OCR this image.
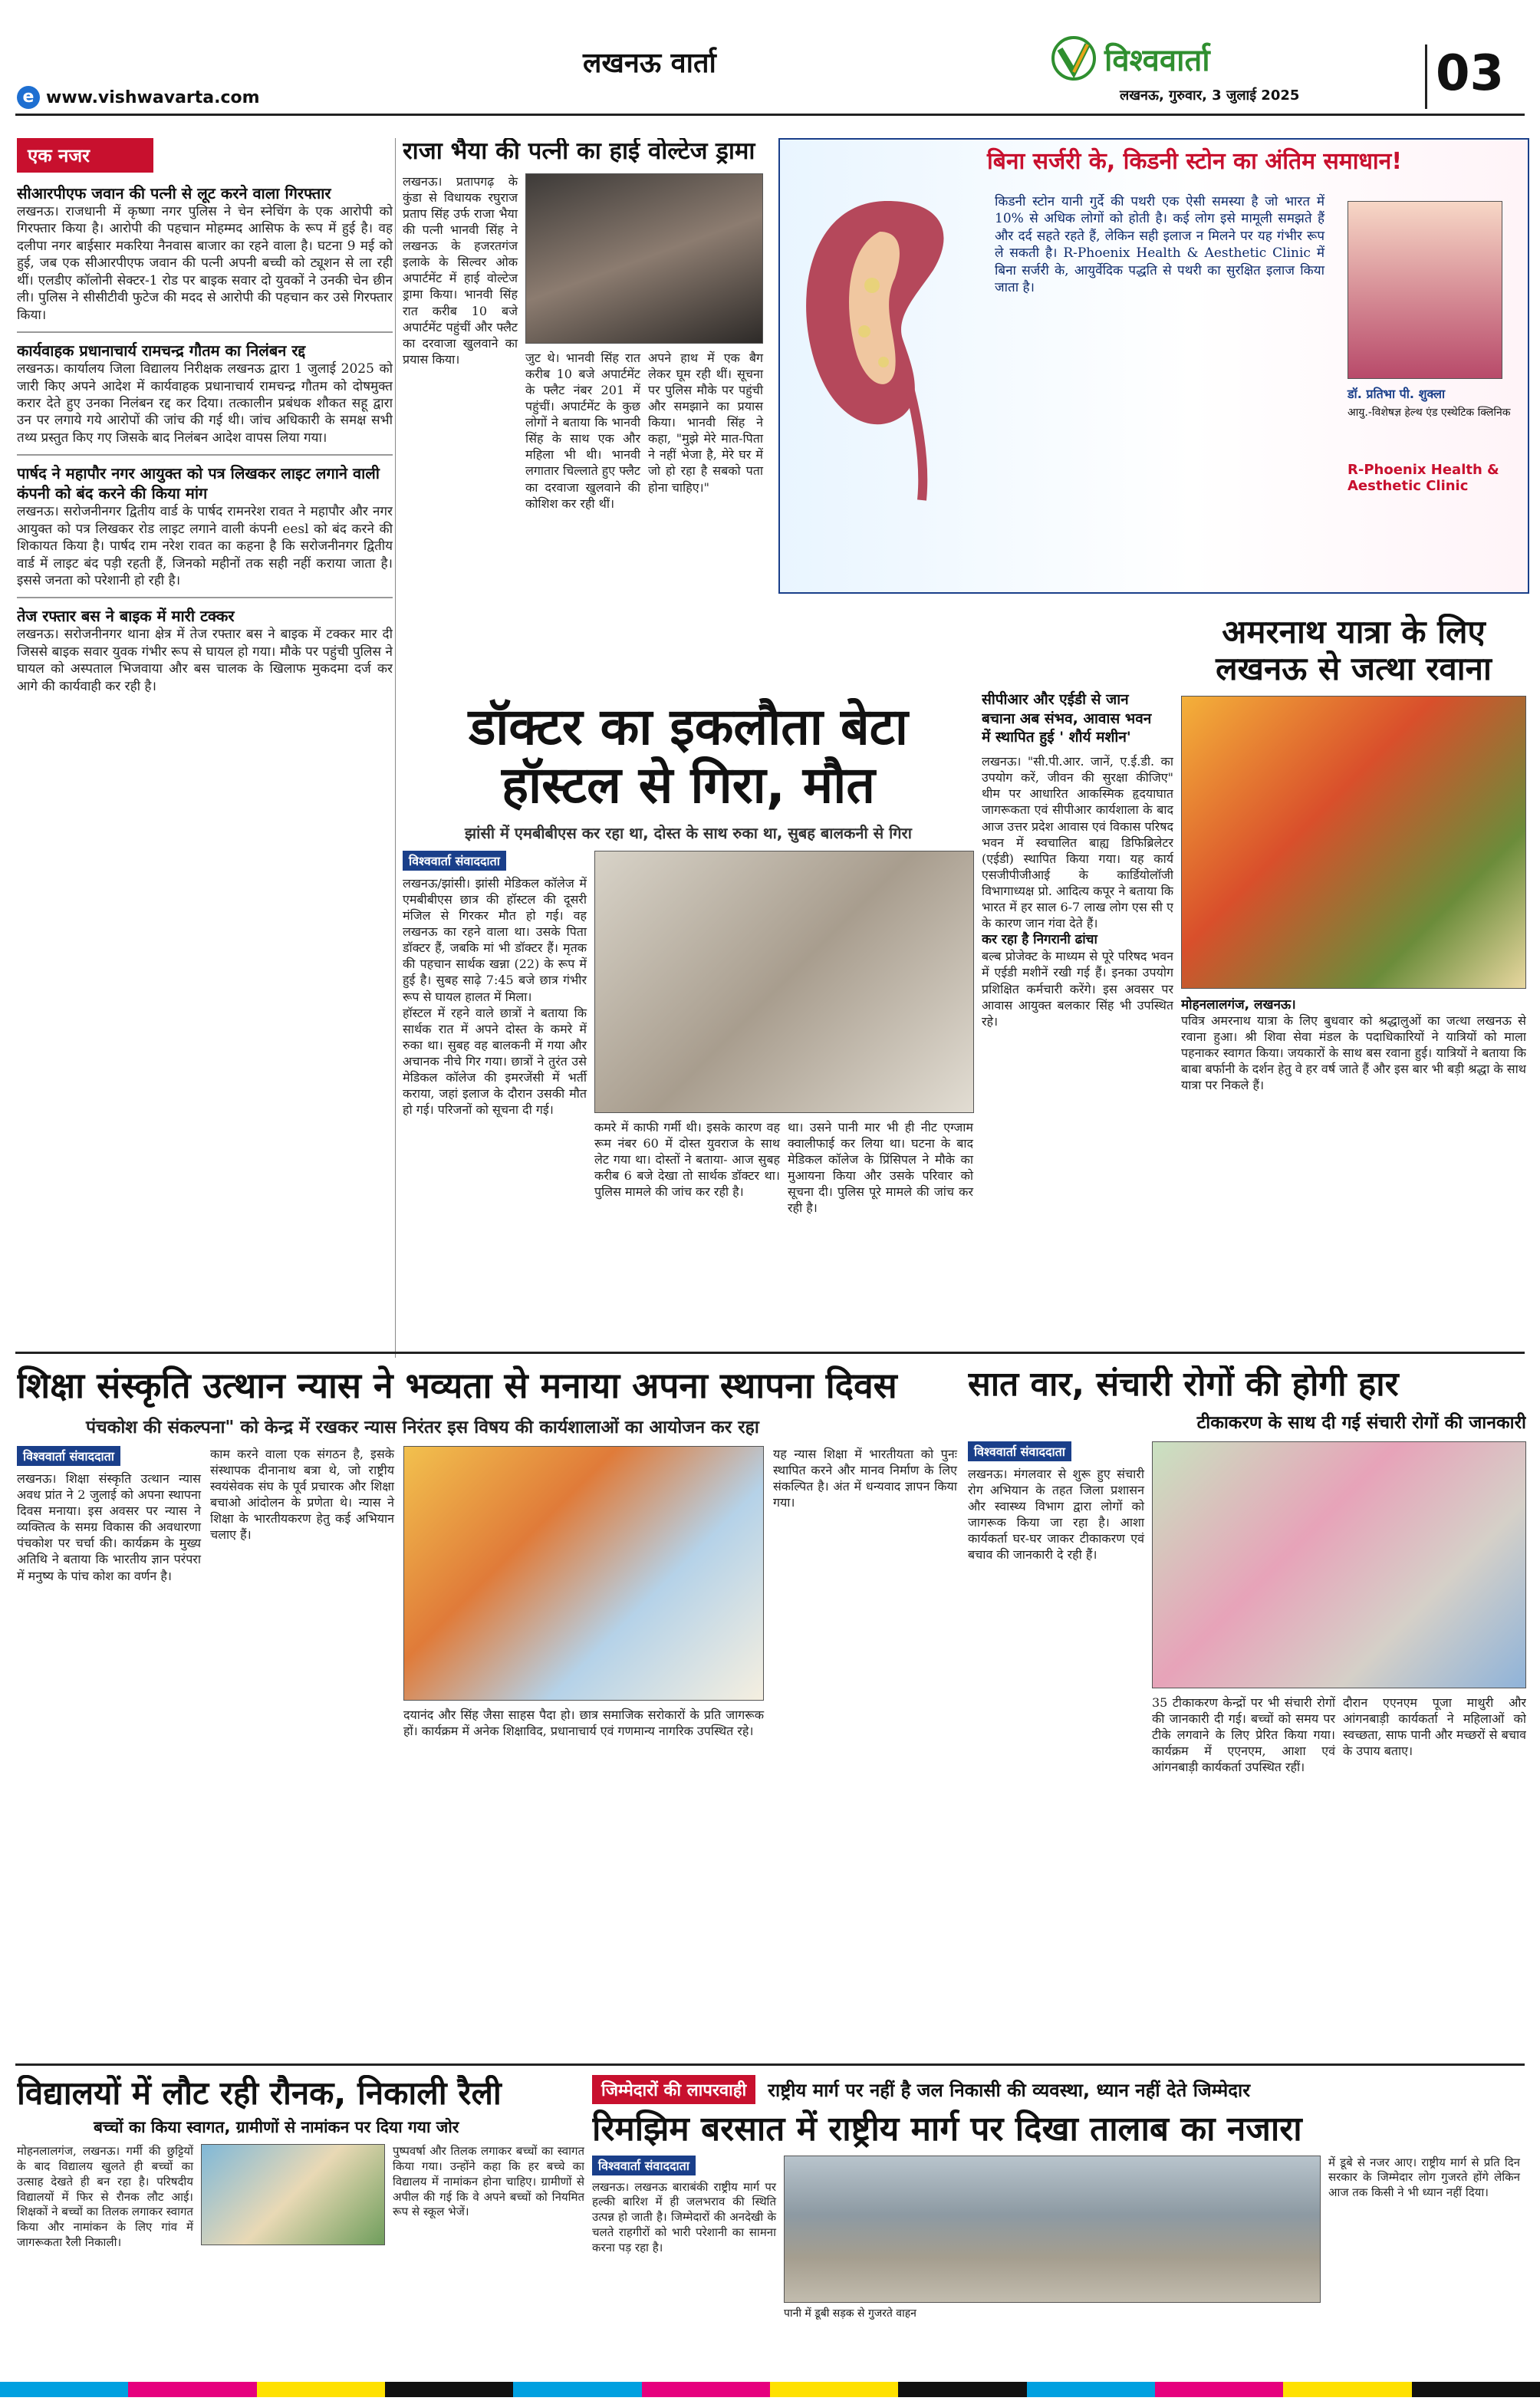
लखनऊ वार्ता
e www.vishwavarta.com
विश्ववार्ता
लखनऊ, गुरुवार, 3 जुलाई 2025	03
एक नजर
सीआरपीएफ जवान की पत्नी से लूट करने वाला गिरफ्तार

लखनऊ। राजधानी में कृष्णा नगर पुलिस ने चेन स्नेचिंग के एक आरोपी को गिरफ्तार किया है। आरोपी की पहचान मोहम्मद आसिफ के रूप में हुई है। वह दलीपा नगर बाईसार मकरिया नैनवास बाजार का रहने वाला है। घटना 9 मई को हुई, जब एक सीआरपीएफ जवान की पत्नी अपनी बच्ची को ट्यूशन से ला रही थीं। एलडीए कॉलोनी सेक्टर-1 रोड पर बाइक सवार दो युवकों ने उनकी चेन छीन ली। पुलिस ने सीसीटीवी फुटेज की मदद से आरोपी की पहचान कर उसे गिरफ्तार किया।

कार्यवाहक प्रधानाचार्य रामचन्द्र गौतम का निलंबन रद्द

लखनऊ। कार्यालय जिला विद्यालय निरीक्षक लखनऊ द्वारा 1 जुलाई 2025 को जारी किए अपने आदेश में कार्यवाहक प्रधानाचार्य रामचन्द्र गौतम को दोषमुक्त करार देते हुए उनका निलंबन रद्द कर दिया। तत्कालीन प्रबंधक शौकत सहू द्वारा उन पर लगाये गये आरोपों की जांच की गई थी। जांच अधिकारी के समक्ष सभी तथ्य प्रस्तुत किए गए जिसके बाद निलंबन आदेश वापस लिया गया।

पार्षद ने महापौर नगर आयुक्त को पत्र लिखकर लाइट लगाने वाली कंपनी को बंद करने की किया मांग

लखनऊ। सरोजनीनगर द्वितीय वार्ड के पार्षद रामनरेश रावत ने महापौर और नगर आयुक्त को पत्र लिखकर रोड लाइट लगाने वाली कंपनी eesl को बंद करने की शिकायत किया है। पार्षद राम नरेश रावत का कहना है कि सरोजनीनगर द्वितीय वार्ड में लाइट बंद पड़ी रहती हैं, जिनको महीनों तक सही नहीं कराया जाता है। इससे जनता को परेशानी हो रही है।

तेज रफ्तार बस ने बाइक में मारी टक्कर

लखनऊ। सरोजनीनगर थाना क्षेत्र में तेज रफ्तार बस ने बाइक में टक्कर मार दी जिससे बाइक सवार युवक गंभीर रूप से घायल हो गया। मौके पर पहुंची पुलिस ने घायल को अस्पताल भिजवाया और बस चालक के खिलाफ मुकदमा दर्ज कर आगे की कार्यवाही कर रही है।

राजा भैया की पत्नी का हाई वोल्टेज ड्रामा

लखनऊ। प्रतापगढ़ के कुंडा से विधायक रघुराज प्रताप सिंह उर्फ राजा भैया की पत्नी भानवी सिंह ने लखनऊ के हजरतगंज इलाके के सिल्वर ओक अपार्टमेंट में हाई वोल्टेज ड्रामा किया। भानवी सिंह रात करीब 10 बजे अपार्टमेंट पहुंचीं और फ्लैट का दरवाजा खुलवाने का प्रयास किया।	जुट थे। भानवी सिंह रात करीब 10 बजे अपार्टमेंट के फ्लैट नंबर 201 में पहुंचीं। अपार्टमेंट के कुछ लोगों ने बताया कि भानवी सिंह के साथ एक और महिला भी थी। भानवी लगातार चिल्लाते हुए फ्लैट का दरवाजा खुलवाने की कोशिश कर रही थीं।

अपने हाथ में एक बैग लेकर घूम रही थीं। सूचना पर पुलिस मौके पर पहुंची और समझाने का प्रयास किया। भानवी सिंह ने कहा, "मुझे मेरे मात-पिता ने नहीं भेजा है, मेरे घर में जो हो रहा है सबको पता होना चाहिए।"

बिना सर्जरी के, किडनी स्टोन का अंतिम समाधान!

किडनी स्टोन यानी गुर्दे की पथरी एक ऐसी समस्या है जो भारत में 10% से अधिक लोगों को होती है। कई लोग इसे मामूली समझते हैं और दर्द सहते रहते हैं, लेकिन सही इलाज न मिलने पर यह गंभीर रूप ले सकती है। R-Phoenix Health & Aesthetic Clinic में बिना सर्जरी के, आयुर्वेदिक पद्धति से पथरी का सुरक्षित इलाज किया जाता है।

डॉ. प्रतिभा पी. शुक्ला
आयु.-विशेषज्ञ हेल्थ एंड एस्थेटिक क्लिनिक
R-Phoenix Health & Aesthetic Clinic
डॉक्टर का इकलौता बेटा
हॉस्टल से गिरा, मौत
झांसी में एमबीबीएस कर रहा था, दोस्त के साथ रुका था, सुबह बालकनी से गिरा
विश्ववार्ता संवाददाता

लखनऊ/झांसी। झांसी मेडिकल कॉलेज में एमबीबीएस छात्र की हॉस्टल की दूसरी मंजिल से गिरकर मौत हो गई। वह लखनऊ का रहने वाला था। उसके पिता डॉक्टर हैं, जबकि मां भी डॉक्टर हैं। मृतक की पहचान सार्थक खन्ना (22) के रूप में हुई है। सुबह साढ़े 7:45 बजे छात्र गंभीर रूप से घायल हालत में मिला।

हॉस्टल में रहने वाले छात्रों ने बताया कि सार्थक रात में अपने दोस्त के कमरे में रुका था। सुबह वह बालकनी में गया और अचानक नीचे गिर गया। छात्रों ने तुरंत उसे मेडिकल कॉलेज की इमरजेंसी में भर्ती कराया, जहां इलाज के दौरान उसकी मौत हो गई। परिजनों को सूचना दी गई।

कमरे में काफी गर्मी थी। इसके कारण वह रूम नंबर 60 में दोस्त युवराज के साथ लेट गया था। दोस्तों ने बताया- आज सुबह करीब 6 बजे देखा तो सार्थक डॉक्टर था। पुलिस मामले की जांच कर रही है।

था। उसने पानी मार भी ही नीट एग्जाम क्वालीफाई कर लिया था। घटना के बाद मेडिकल कॉलेज के प्रिंसिपल ने मौके का मुआयना किया और उसके परिवार को सूचना दी। पुलिस पूरे मामले की जांच कर रही है।

सीपीआर और एईडी से जान
बचाना अब संभव, आवास भवन
में स्थापित हुई ' शौर्य मशीन'

लखनऊ। "सी.पी.आर. जानें, ए.ई.डी. का उपयोग करें, जीवन की सुरक्षा कीजिए" थीम पर आधारित आकस्मिक हृदयाघात जागरूकता एवं सीपीआर कार्यशाला के बाद आज उत्तर प्रदेश आवास एवं विकास परिषद भवन में स्वचालित बाह्य डिफिब्रिलेटर (एईडी) स्थापित किया गया। यह कार्य एसजीपीजीआई के कार्डियोलॉजी विभागाध्यक्ष प्रो. आदित्य कपूर ने बताया कि भारत में हर साल 6-7 लाख लोग एस सी ए के कारण जान गंवा देते हैं।

कर रहा है निगरानी ढांचा

बल्ब प्रोजेक्ट के माध्यम से पूरे परिषद भवन में एईडी मशीनें रखी गई हैं। इनका उपयोग प्रशिक्षित कर्मचारी करेंगे। इस अवसर पर आवास आयुक्त बलकार सिंह भी उपस्थित रहे।

अमरनाथ यात्रा के लिए
लखनऊ से जत्था रवाना
मोहनलालगंज, लखनऊ।

पवित्र अमरनाथ यात्रा के लिए बुधवार को श्रद्धालुओं का जत्था लखनऊ से रवाना हुआ। श्री शिवा सेवा मंडल के पदाधिकारियों ने यात्रियों को माला पहनाकर स्वागत किया। जयकारों के साथ बस रवाना हुई। यात्रियों ने बताया कि बाबा बर्फानी के दर्शन हेतु वे हर वर्ष जाते हैं और इस बार भी बड़ी श्रद्धा के साथ यात्रा पर निकले हैं।

शिक्षा संस्कृति उत्थान न्यास ने भव्यता से मनाया अपना स्थापना दिवस
पंचकोश की संकल्पना" को केन्द्र में रखकर न्यास निरंतर इस विषय की कार्यशालाओं का आयोजन कर रहा
विश्ववार्ता संवाददाता

लखनऊ। शिक्षा संस्कृति उत्थान न्यास अवध प्रांत ने 2 जुलाई को अपना स्थापना दिवस मनाया। इस अवसर पर न्यास ने व्यक्तित्व के समग्र विकास की अवधारणा पंचकोश पर चर्चा की। कार्यक्रम के मुख्य अतिथि ने बताया कि भारतीय ज्ञान परंपरा में मनुष्य के पांच कोश का वर्णन है।

काम करने वाला एक संगठन है, इसके संस्थापक दीनानाथ बत्रा थे, जो राष्ट्रीय स्वयंसेवक संघ के पूर्व प्रचारक और शिक्षा बचाओ आंदोलन के प्रणेता थे। न्यास ने शिक्षा के भारतीयकरण हेतु कई अभियान चलाए हैं।

दयानंद और सिंह जैसा साहस पैदा हो। छात्र समाजिक सरोकारों के प्रति जागरूक हों। कार्यक्रम में अनेक शिक्षाविद, प्रधानाचार्य एवं गणमान्य नागरिक उपस्थित रहे।

यह न्यास शिक्षा में भारतीयता को पुनः स्थापित करने और मानव निर्माण के लिए संकल्पित है। अंत में धन्यवाद ज्ञापन किया गया।

सात वार, संचारी रोगों की होगी हार
टीकाकरण के साथ दी गई संचारी रोगों की जानकारी
विश्ववार्ता संवाददाता

लखनऊ। मंगलवार से शुरू हुए संचारी रोग अभियान के तहत जिला प्रशासन और स्वास्थ्य विभाग द्वारा लोगों को जागरूक किया जा रहा है। आशा कार्यकर्ता घर-घर जाकर टीकाकरण एवं बचाव की जानकारी दे रही हैं।

35 टीकाकरण केन्द्रों पर भी संचारी रोगों की जानकारी दी गई। बच्चों को समय पर टीके लगवाने के लिए प्रेरित किया गया। कार्यक्रम में एएनएम, आशा एवं आंगनबाड़ी कार्यकर्ता उपस्थित रहीं।

दौरान एएनएम पूजा माथुरी और आंगनबाड़ी कार्यकर्ता ने महिलाओं को स्वच्छता, साफ पानी और मच्छरों से बचाव के उपाय बताए।

विद्यालयों में लौट रही रौनक, निकाली रैली
बच्चों का किया स्वागत, ग्रामीणों से नामांकन पर दिया गया जोर

मोहनलालगंज, लखनऊ। गर्मी की छुट्टियों के बाद विद्यालय खुलते ही बच्चों का उत्साह देखते ही बन रहा है। परिषदीय विद्यालयों में फिर से रौनक लौट आई। शिक्षकों ने बच्चों का तिलक लगाकर स्वागत किया और नामांकन के लिए गांव में जागरूकता रैली निकाली।

पुष्पवर्षा और तिलक लगाकर बच्चों का स्वागत किया गया। उन्होंने कहा कि हर बच्चे का विद्यालय में नामांकन होना चाहिए। ग्रामीणों से अपील की गई कि वे अपने बच्चों को नियमित रूप से स्कूल भेजें।

जिम्मेदारों की लापरवाही	राष्ट्रीय मार्ग पर नहीं है जल निकासी की व्यवस्था, ध्यान नहीं देते जिम्मेदार
रिमझिम बरसात में राष्ट्रीय मार्ग पर दिखा तालाब का नजारा
विश्ववार्ता संवाददाता

लखनऊ। लखनऊ बाराबंकी राष्ट्रीय मार्ग पर हल्की बारिश में ही जलभराव की स्थिति उत्पन्न हो जाती है। जिम्मेदारों की अनदेखी के चलते राहगीरों को भारी परेशानी का सामना करना पड़ रहा है।

पानी में डूबी सड़क से गुजरते वाहन

में डूबे से नजर आए। राष्ट्रीय मार्ग से प्रति दिन सरकार के जिम्मेदार लोग गुजरते होंगे लेकिन आज तक किसी ने भी ध्यान नहीं दिया।
